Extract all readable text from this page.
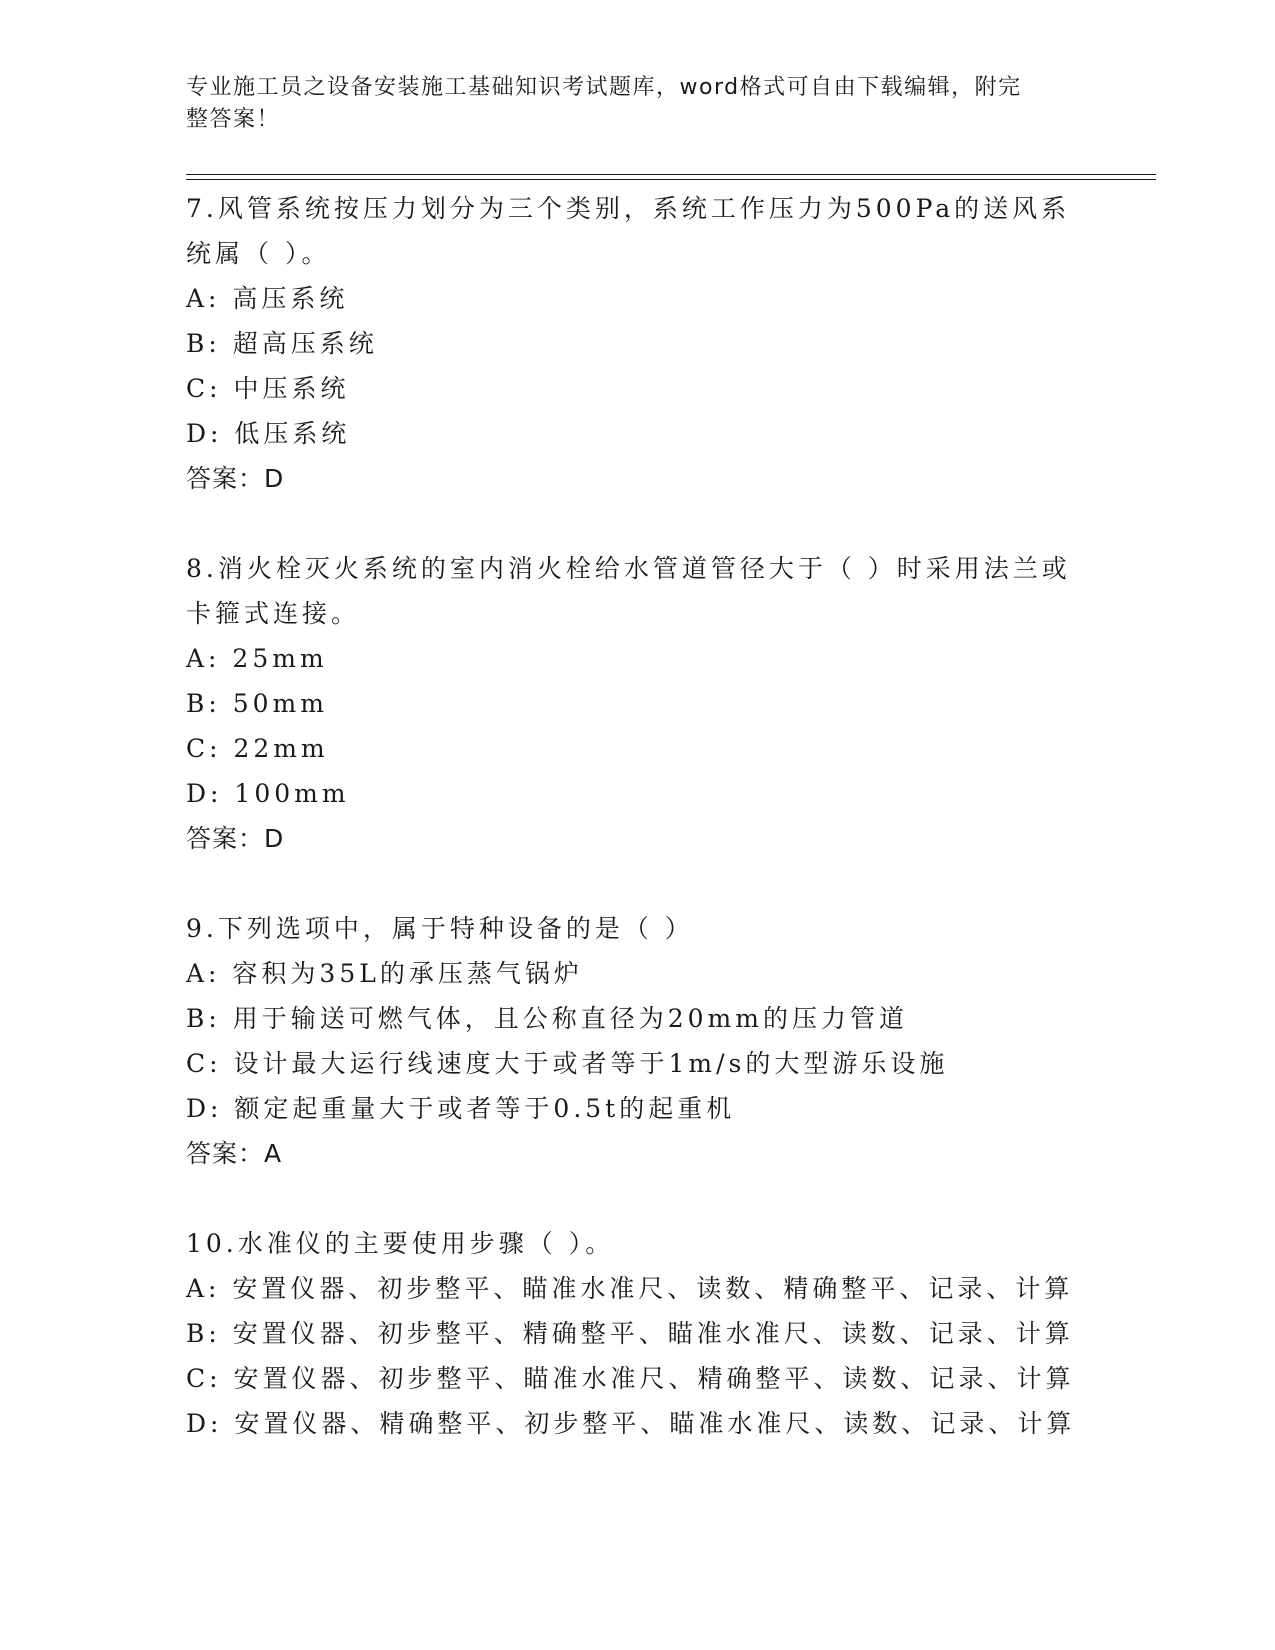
专业施工员之设备安装施工基础知识考试题库，word格式可自由下载编辑，附完
整答案！
7.风管系统按压力划分为三个类别，系统工作压力为500Pa的送风系
统属（ ）。
A: 高压系统
B: 超高压系统
C: 中压系统
D: 低压系统
答案：D
8.消火栓灭火系统的室内消火栓给水管道管径大于（ ）时采用法兰或
卡箍式连接。
A: 25mm
B: 50mm
C: 22mm
D: 100mm
答案：D
9.下列选项中，属于特种设备的是（ ）
A: 容积为35L的承压蒸气锅炉
B: 用于输送可燃气体，且公称直径为20mm的压力管道
C: 设计最大运行线速度大于或者等于1m/s的大型游乐设施
D: 额定起重量大于或者等于0.5t的起重机
答案：A
10.水准仪的主要使用步骤（ ）。
A: 安置仪器、初步整平、瞄准水准尺、读数、精确整平、记录、计算
B: 安置仪器、初步整平、精确整平、瞄准水准尺、读数、记录、计算
C: 安置仪器、初步整平、瞄准水准尺、精确整平、读数、记录、计算
D: 安置仪器、精确整平、初步整平、瞄准水准尺、读数、记录、计算
